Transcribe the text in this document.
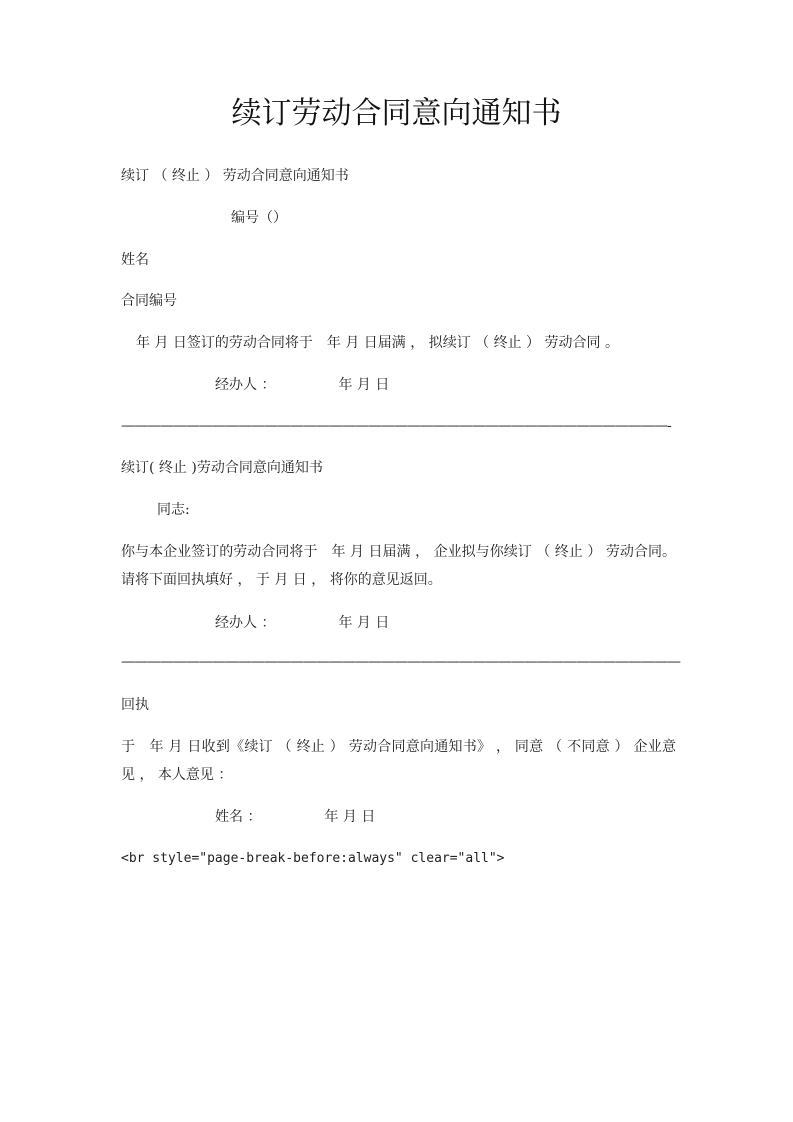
续订劳动合同意向通知书
续订 （ 终止 ） 劳动合同意向通知书
编号（）
姓名
合同编号
年 月 日签订的劳动合同将于　年 月 日届满 ， 拟续订 （ 终止 ） 劳动合同 。
经办人 ：　　　　　年 月 日
——————————————————————————————————————————-
续订( 终止 )劳动合同意向通知书
同志:
你与本企业签订的劳动合同将于　年 月 日届满 ， 企业拟与你续订 （ 终止 ） 劳动合同。请将下面回执填好 ， 于 月 日 ， 将你的意见返回。
经办人 ：　　　　　年 月 日
———————————————————————————————————————————
回执
于　年 月 日收到《续订 （ 终止 ） 劳动合同意向通知书》 ， 同意 （ 不同意 ） 企业意见 ， 本人意见 ：
姓名 ：　　　　　年 月 日
<br style="page-break-before:always" clear="all">
